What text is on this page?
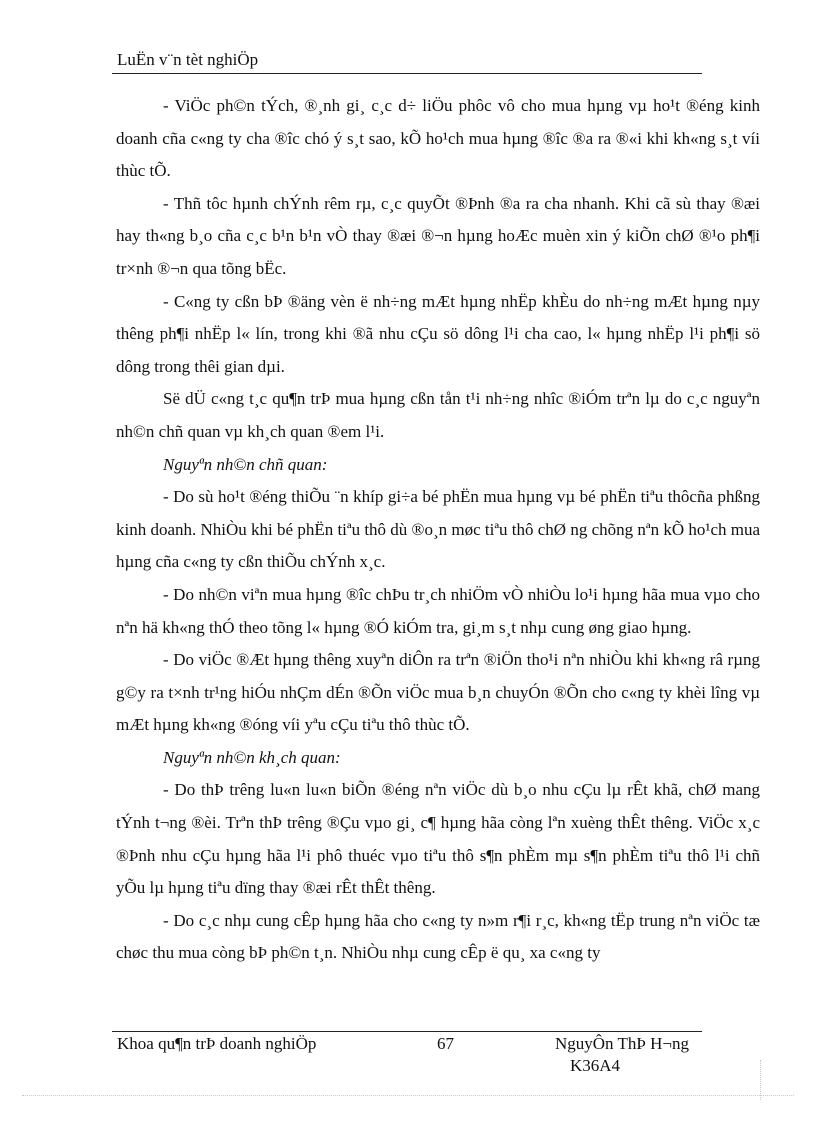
LuËn v¨n tèt nghiÖp

- ViÖc ph©n tÝch, ®¸nh gi¸ c¸c d÷ liÖu phôc vô cho mua hµng vµ ho¹t ®éng kinh doanh cña c«ng ty cha ®îc chó ý s¸t sao, kÕ ho¹ch mua hµng ®îc ®a ra ®«i khi kh«ng s¸t víi thùc tÕ.

- Thñ tôc hµnh chÝnh rêm rµ, c¸c quyÕt ®Þnh ®a ra cha nhanh. Khi cã sù thay ®æi hay th«ng b¸o cña c¸c b¹n b¹n vÒ thay ®æi ®¬n hµng hoÆc muèn xin ý kiÕn chØ ®¹o ph¶i tr×nh ®¬n qua tõng bËc.

- C«ng ty cßn bÞ ®äng vèn ë nh÷ng mÆt hµng nhËp khÈu do nh÷ng mÆt hµng nµy thêng ph¶i nhËp l« lín, trong khi ®ã nhu cÇu sö dông l¹i cha cao, l« hµng nhËp l¹i ph¶i sö dông trong thêi gian dµi.

Së dÜ c«ng t¸c qu¶n trÞ mua hµng cßn tån t¹i nh÷ng nhîc ®iÓm trªn lµ do c¸c nguyªn nh©n chñ quan vµ kh¸ch quan ®em l¹i.

Nguyªn nh©n chñ quan:

- Do sù ho¹t ®éng thiÕu ¨n khíp gi÷a bé phËn mua hµng vµ bé phËn tiªu thôcña phßng kinh doanh. NhiÒu khi bé phËn tiªu thô dù ®o¸n møc tiªu thô chØ ng chõng nªn kÕ ho¹ch mua hµng cña c«ng ty cßn thiÕu chÝnh x¸c.

- Do nh©n viªn mua hµng ®îc chÞu tr¸ch nhiÖm vÒ nhiÒu lo¹i hµng hãa mua vµo cho nªn hä kh«ng thÓ theo tõng l« hµng ®Ó kiÓm tra, gi¸m s¸t nhµ cung øng giao hµng.

- Do viÖc ®Æt hµng thêng xuyªn diÔn ra trªn ®iÖn tho¹i nªn nhiÒu khi kh«ng râ rµng g©y ra t×nh tr¹ng hiÓu nhÇm dÉn ®Õn viÖc mua b¸n chuyÓn ®Õn cho c«ng ty khèi lîng vµ mÆt hµng kh«ng ®óng víi yªu cÇu tiªu thô thùc tÕ.

Nguyªn nh©n kh¸ch quan:

- Do thÞ trêng lu«n lu«n biÕn ®éng nªn viÖc dù b¸o nhu cÇu lµ rÊt khã, chØ mang tÝnh t¬ng ®èi. Trªn thÞ trêng ®Çu vµo gi¸ c¶ hµng hãa còng lªn xuèng thÊt thêng. ViÖc x¸c ®Þnh nhu cÇu hµng hãa l¹i phô thuéc vµo tiªu thô s¶n phÈm mµ s¶n phÈm tiªu thô l¹i chñ yÕu lµ hµng tiªu dïng thay ®æi rÊt thÊt thêng.

- Do c¸c nhµ cung cÊp hµng hãa cho c«ng ty n»m r¶i r¸c, kh«ng tËp trung nªn viÖc tæ chøc thu mua còng bÞ ph©n t¸n. NhiÒu nhµ cung cÊp ë qu¸ xa c«ng ty

Khoa qu¶n trÞ doanh nghiÖp	67	NguyÔn ThÞ H¬ng
K36A4
